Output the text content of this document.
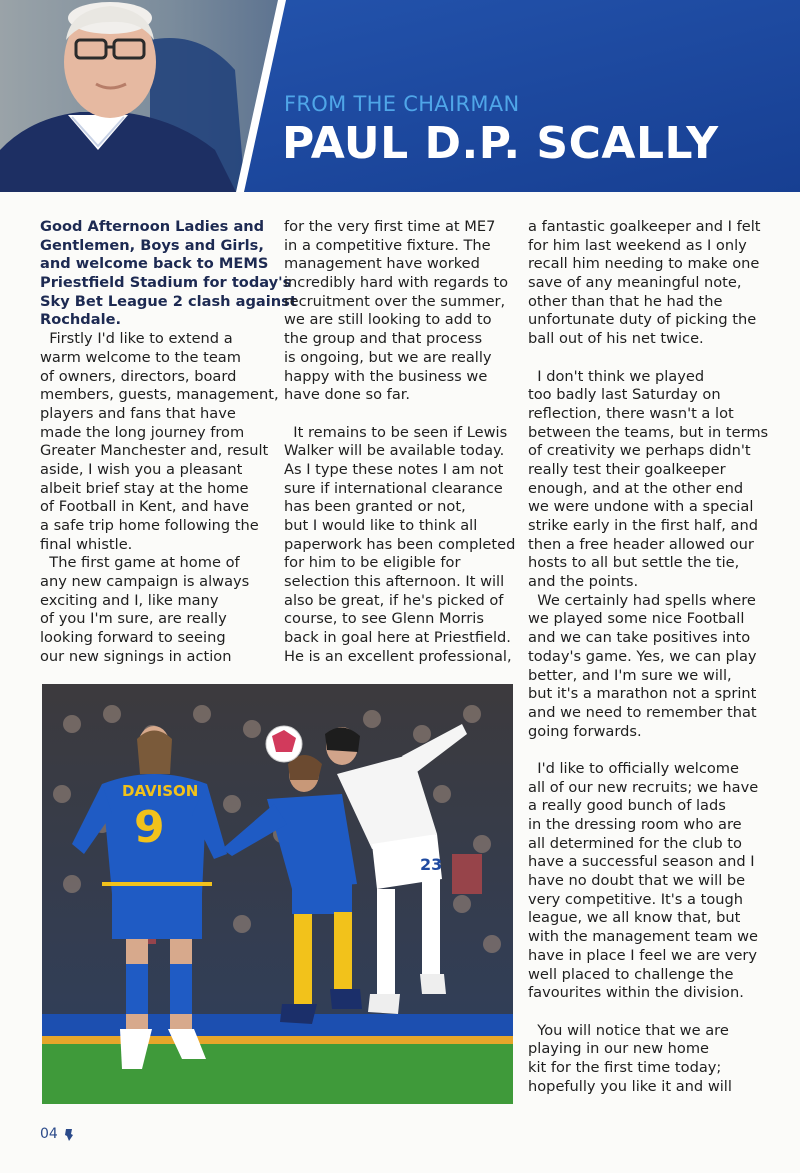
FROM THE CHAIRMAN
PAUL D.P. SCALLY
Good Afternoon Ladies and
Gentlemen, Boys and Girls,
and welcome back to MEMS
Priestfield Stadium for today's
Sky Bet League 2 clash against
Rochdale.
Firstly I'd like to extend a
warm welcome to the team
of owners, directors, board
members, guests, management,
players and fans that have
made the long journey from
Greater Manchester and, result
aside, I wish you a pleasant
albeit brief stay at the home
of Football in Kent, and have
a safe trip home following the
final whistle.
The first game at home of
any new campaign is always
exciting and I, like many
of you I'm sure, are really
looking forward to seeing
our new signings in action
for the very first time at ME7
in a competitive fixture. The
management have worked
incredibly hard with regards to
recruitment over the summer,
we are still looking to add to
the group and that process
is ongoing, but we are really
happy with the business we
have done so far.
It remains to be seen if Lewis
Walker will be available today.
As I type these notes I am not
sure if international clearance
has been granted or not,
but I would like to think all
paperwork has been completed
for him to be eligible for
selection this afternoon. It will
also be great, if he's picked of
course, to see Glenn Morris
back in goal here at Priestfield.
He is an excellent professional,
a fantastic goalkeeper and I felt
for him last weekend as I only
recall him needing to make one
save of any meaningful note,
other than that he had the
unfortunate duty of picking the
ball out of his net twice.
I don't think we played
too badly last Saturday on
reflection, there wasn't a lot
between the teams, but in terms
of creativity we perhaps didn't
really test their goalkeeper
enough, and at the other end
we were undone with a special
strike early in the first half, and
then a free header allowed our
hosts to all but settle the tie,
and the points.
We certainly had spells where
we played some nice Football
and we can take positives into
today's game. Yes, we can play
better, and I'm sure we will,
but it's a marathon not a sprint
and we need to remember that
going forwards.
I'd like to officially welcome
all of our new recruits; we have
a really good bunch of lads
in the dressing room who are
all determined for the club to
have a successful season and I
have no doubt that we will be
very competitive. It's a tough
league, we all know that, but
with the management team we
have in place I feel we are very
well placed to challenge the
favourites within the division.
You will notice that we are
playing in our new home
kit for the first time today;
hopefully you like it and will
DAVISON
9
23
04
